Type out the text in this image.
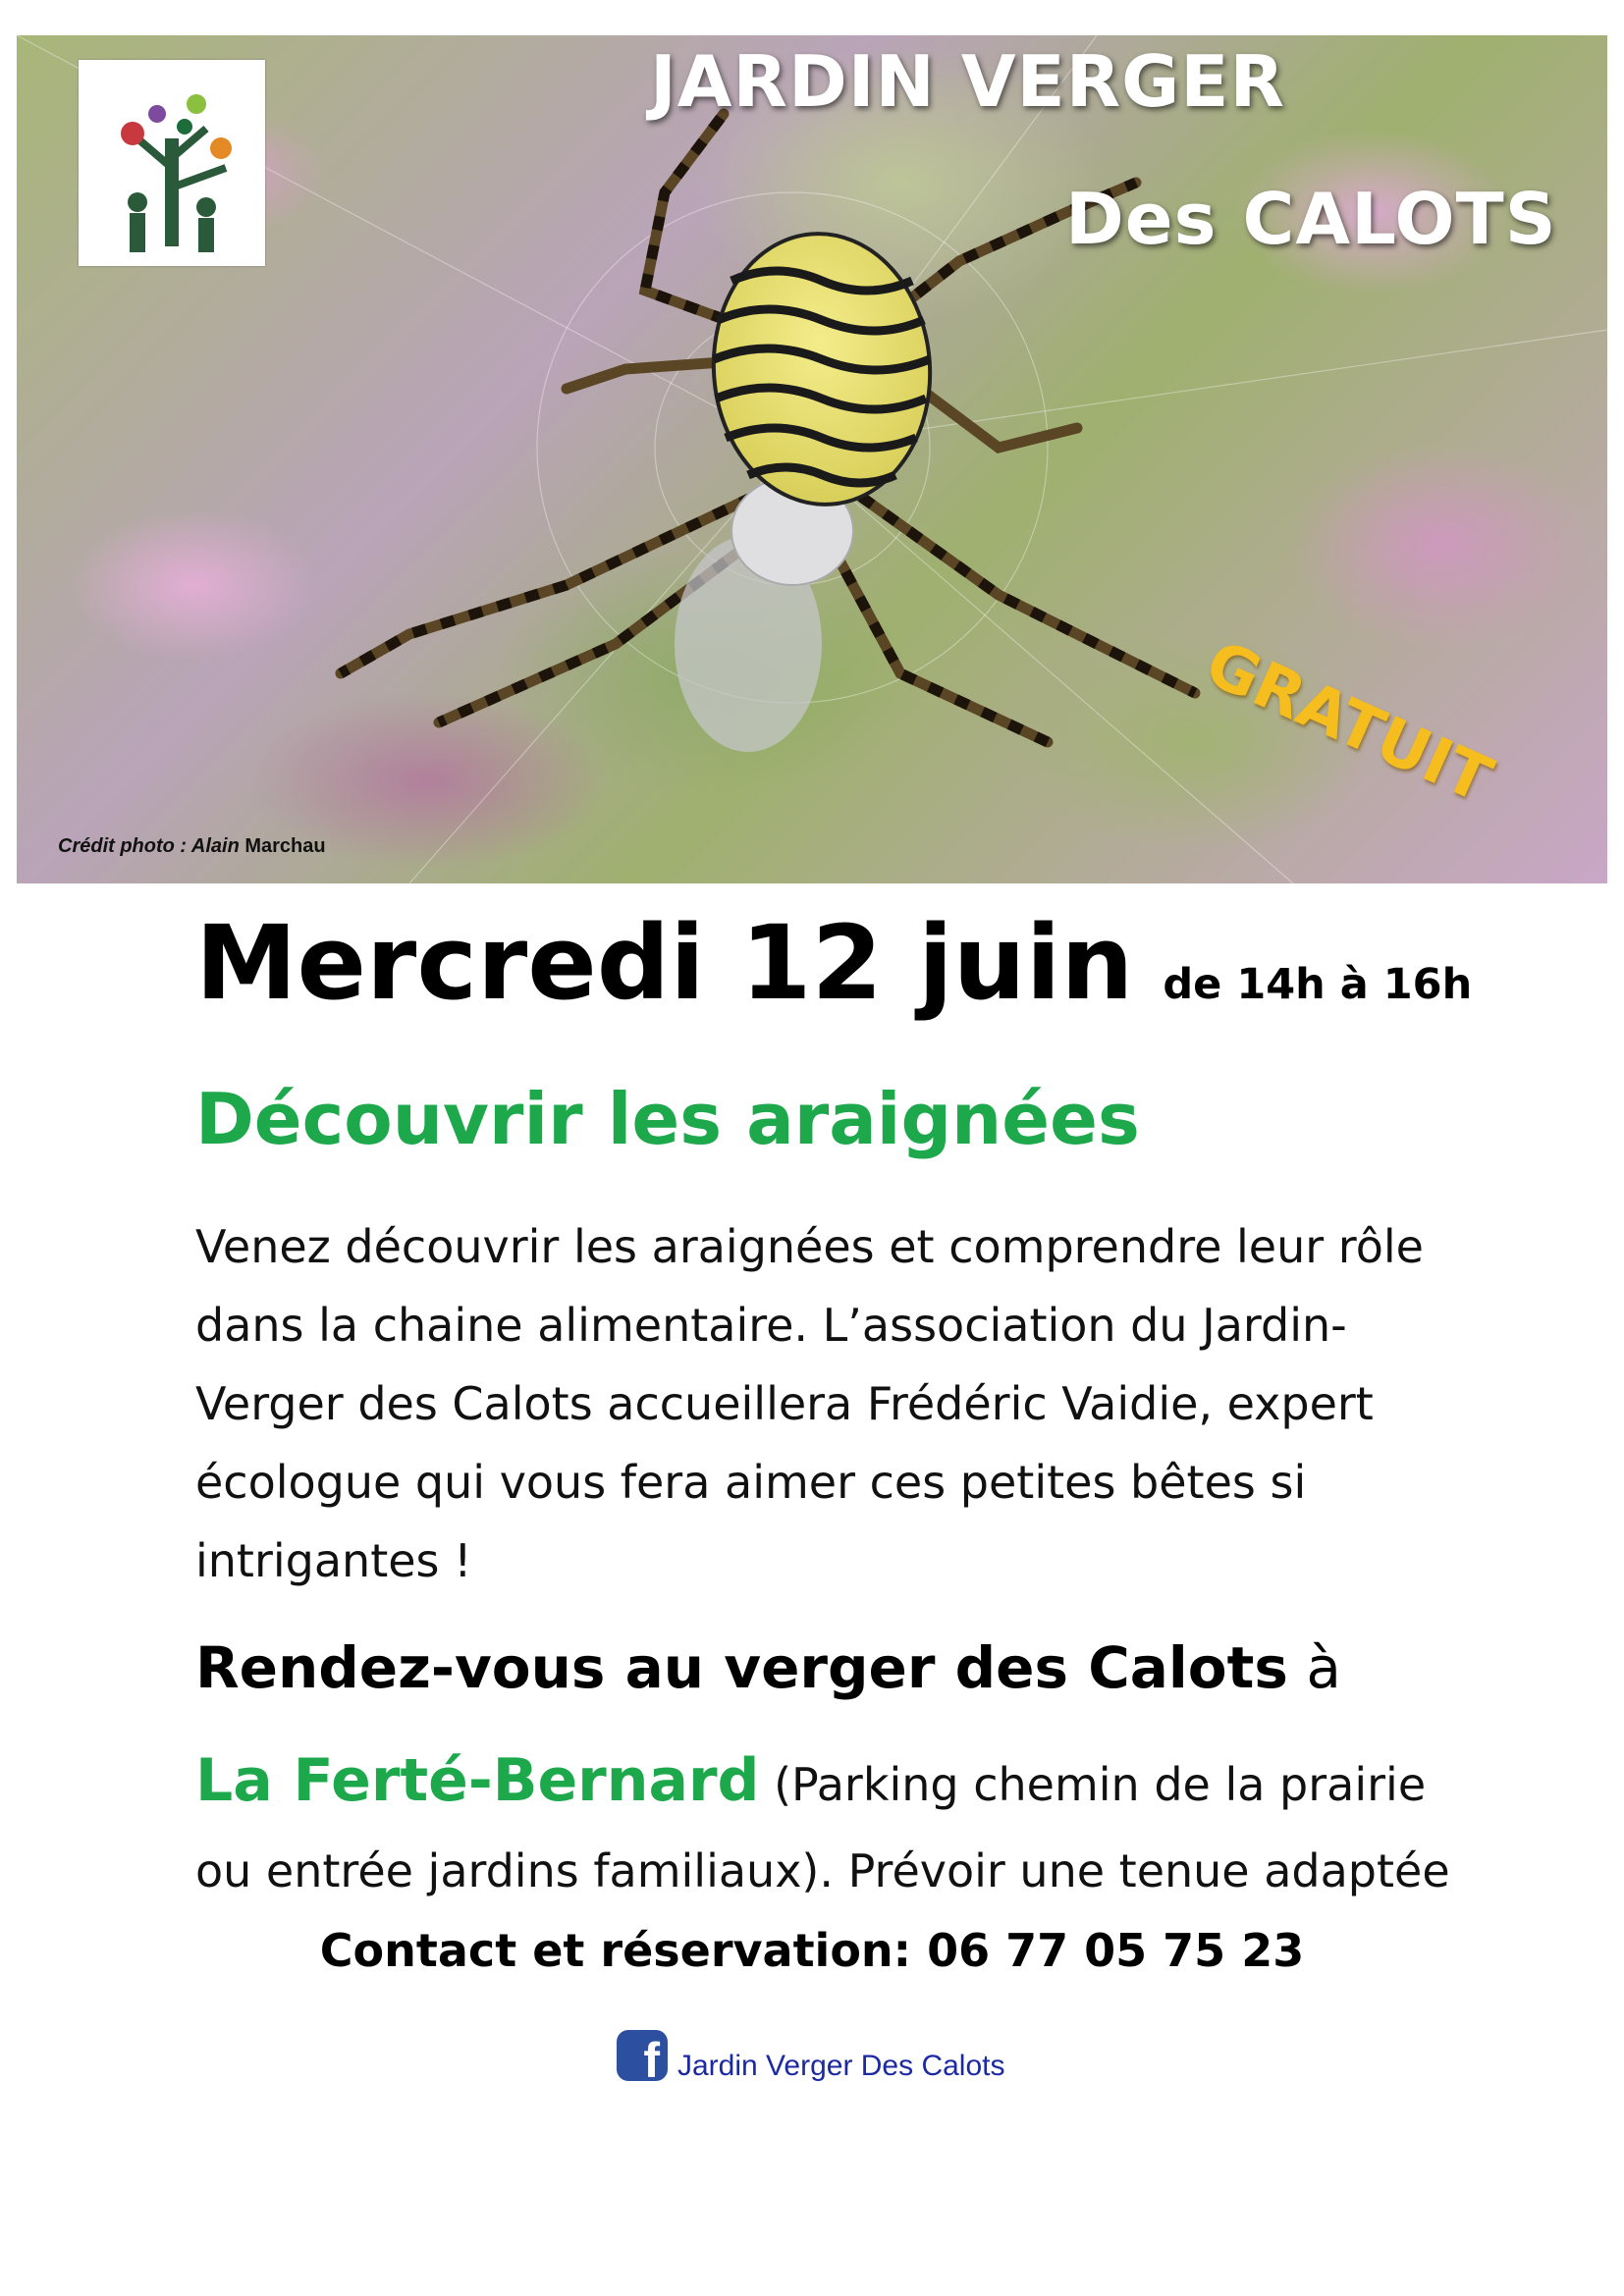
JARDIN VERGER
Des CALOTS
GRATUIT
Crédit photo : Alain Marchau
Mercredi 12 juin de 14h à 16h
Découvrir les araignées

Venez découvrir les araignées et comprendre leur rôle dans la chaine alimentaire. L’association du Jardin-Verger des Calots accueillera Frédéric Vaidie, expert écologue qui vous fera aimer ces petites bêtes si intrigantes !

Rendez-vous au verger des Calots à
La Ferté-Bernard (Parking chemin de la prairie ou entrée jardins familiaux). Prévoir une tenue adaptée
Contact et réservation: 06 77 05 75 23
f Jardin Verger Des Calots
